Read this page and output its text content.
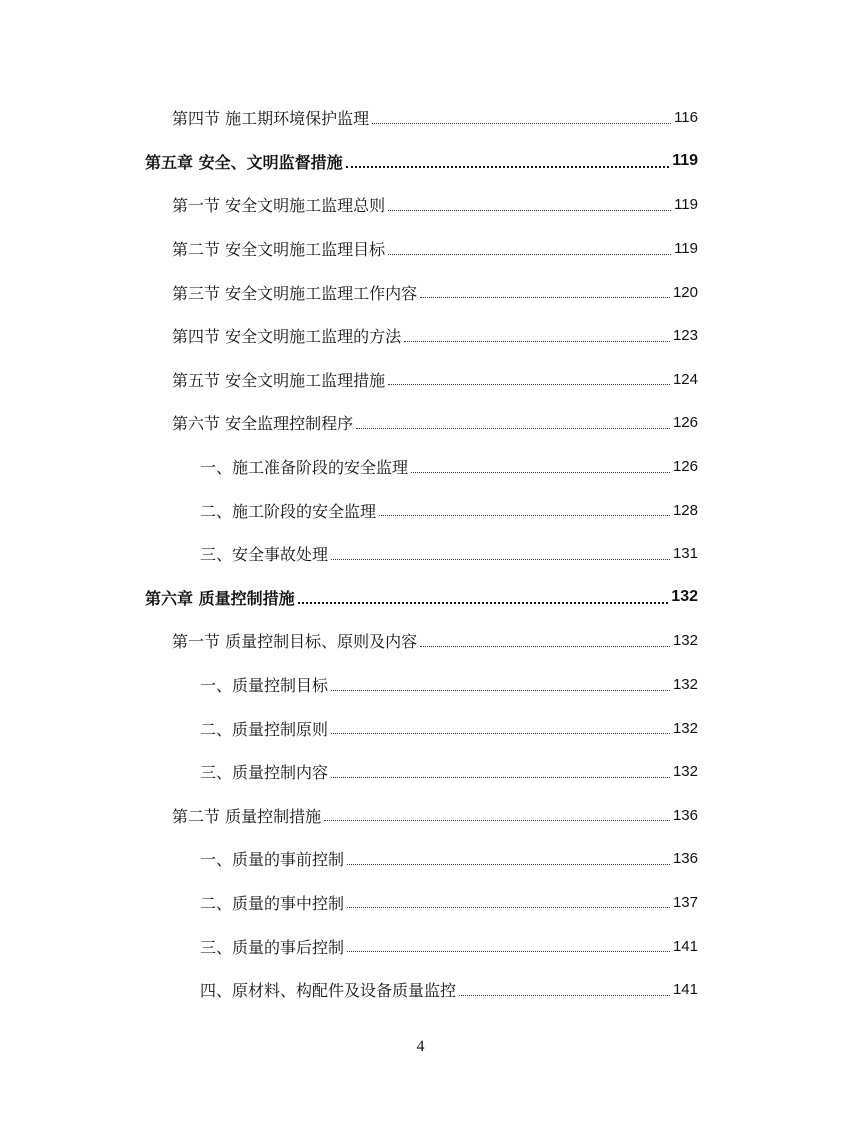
第四节 施工期环境保护监理	116
第五章 安全、文明监督措施	119
第一节 安全文明施工监理总则	119
第二节 安全文明施工监理目标	119
第三节 安全文明施工监理工作内容	120
第四节 安全文明施工监理的方法	123
第五节 安全文明施工监理措施	124
第六节 安全监理控制程序	126
一、施工准备阶段的安全监理	126
二、施工阶段的安全监理	128
三、安全事故处理	131
第六章 质量控制措施	132
第一节 质量控制目标、原则及内容	132
一、质量控制目标	132
二、质量控制原则	132
三、质量控制内容	132
第二节 质量控制措施	136
一、质量的事前控制	136
二、质量的事中控制	137
三、质量的事后控制	141
四、原材料、构配件及设备质量监控	141
4
